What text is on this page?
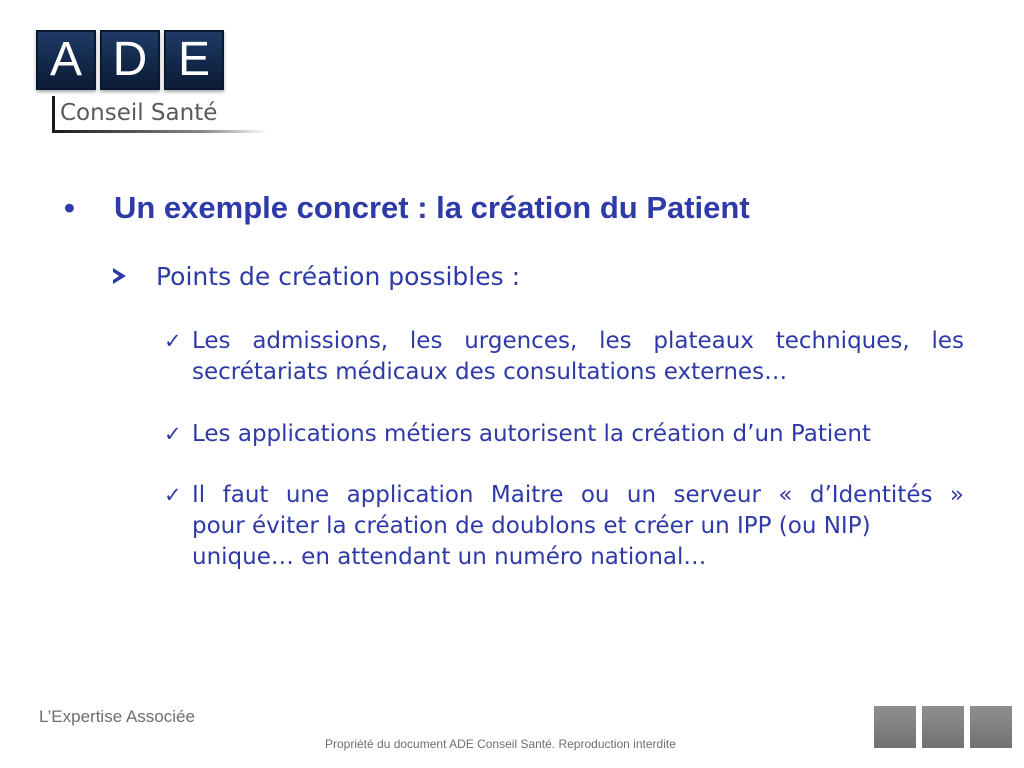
A D E
Conseil Santé
• Un exemple concret : la création du Patient
Points de création possibles :
✓ Les admissions, les urgences, les plateaux techniques, les
secrétariats médicaux des consultations externes…
✓ Les applications métiers autorisent la création d’un Patient
✓ Il faut une application Maitre ou un serveur « d’Identités »
pour éviter la création de doublons et créer un IPP (ou NIP)
unique… en attendant un numéro national…
L’Expertise Associée
Propriété du document ADE Conseil Santé. Reproduction interdite
